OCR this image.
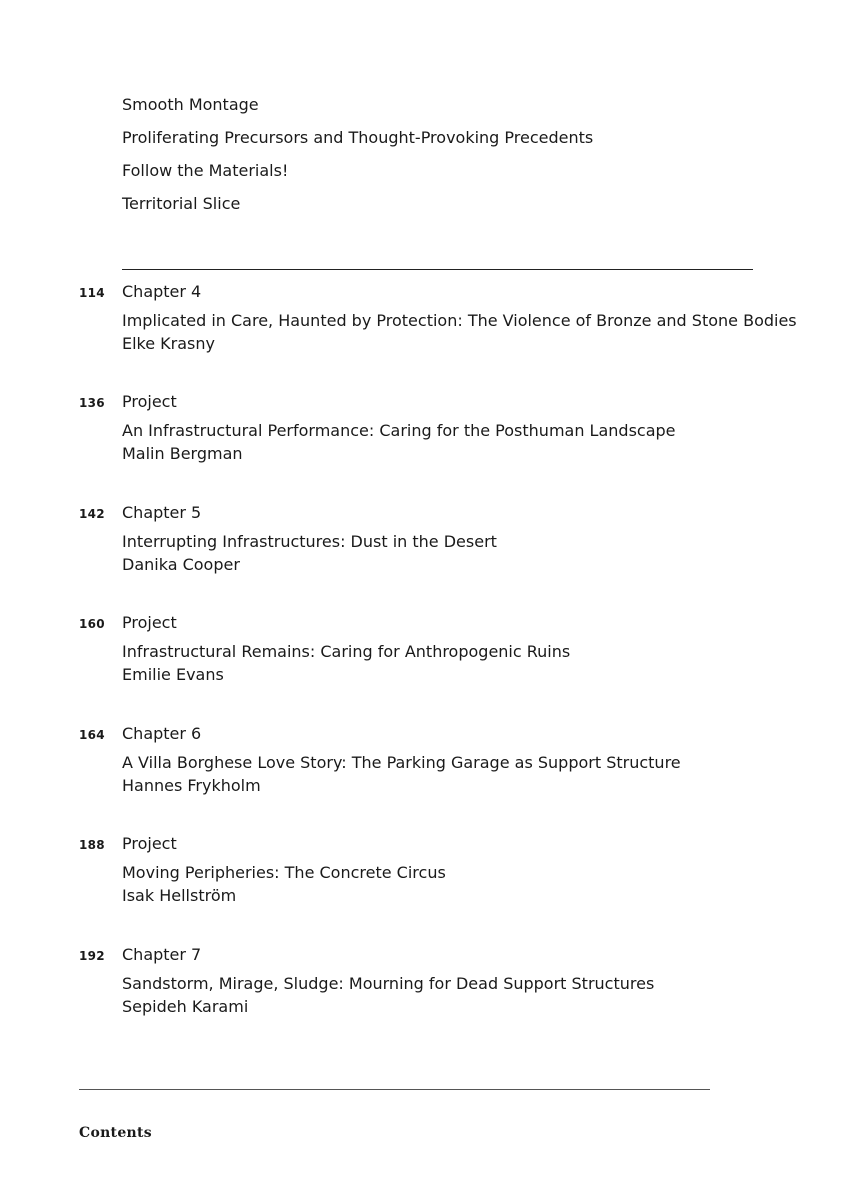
Smooth Montage
Proliferating Precursors and Thought-Provoking Precedents
Follow the Materials!
Territorial Slice
114 Chapter 4
Implicated in Care, Haunted by Protection: The Violence of Bronze and Stone Bodies
Elke Krasny
136 Project
An Infrastructural Performance: Caring for the Posthuman Landscape
Malin Bergman
142 Chapter 5
Interrupting Infrastructures: Dust in the Desert
Danika Cooper
160 Project
Infrastructural Remains: Caring for Anthropogenic Ruins
Emilie Evans
164 Chapter 6
A Villa Borghese Love Story: The Parking Garage as Support Structure
Hannes Frykholm
188 Project
Moving Peripheries: The Concrete Circus
Isak Hellström
192 Chapter 7
Sandstorm, Mirage, Sludge: Mourning for Dead Support Structures
Sepideh Karami
Contents
